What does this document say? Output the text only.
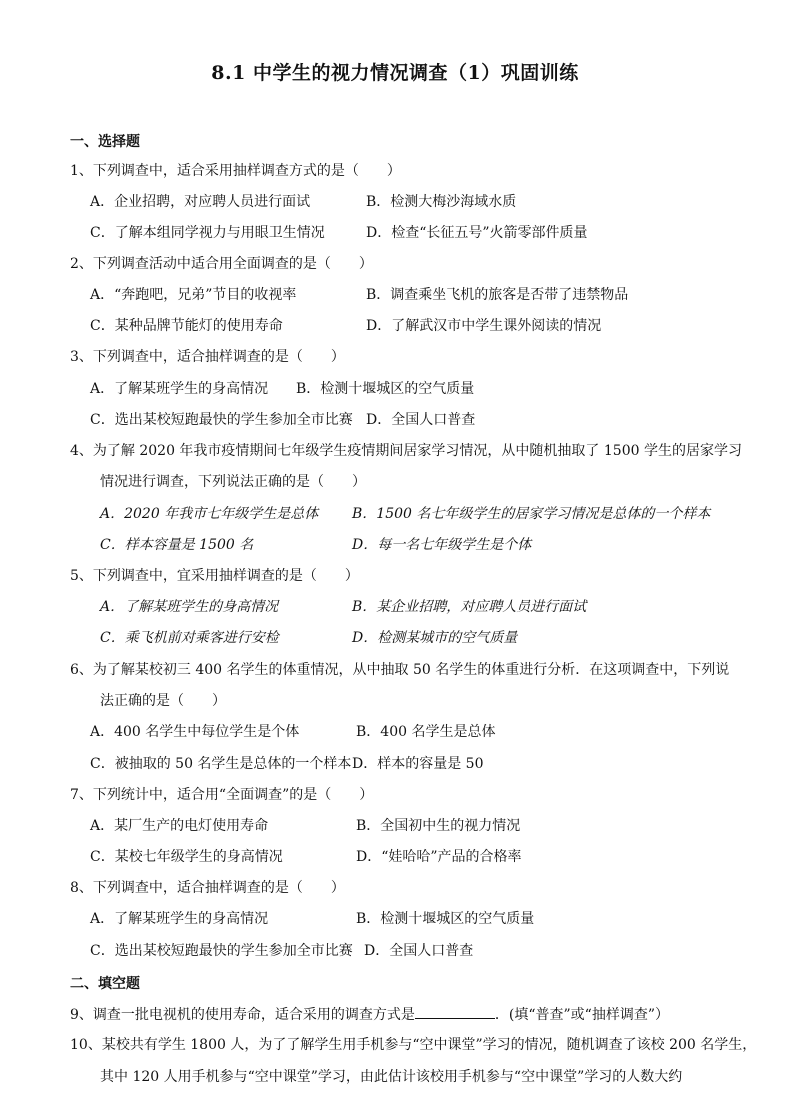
8.1 中学生的视力情况调查（1）巩固训练
一、选择题
1、下列调查中，适合采用抽样调查方式的是（　　）
A．企业招聘，对应聘人员进行面试	B．检测大梅沙海域水质
C．了解本组同学视力与用眼卫生情况	D．检查“长征五号”火箭零部件质量
2、下列调查活动中适合用全面调查的是（　　）
A．“奔跑吧，兄弟”节目的收视率	B．调查乘坐飞机的旅客是否带了违禁物品
C．某种品牌节能灯的使用寿命	D．了解武汉市中学生课外阅读的情况
3、下列调查中，适合抽样调查的是（　　）
A．了解某班学生的身高情况 B．检测十堰城区的空气质量
C．选出某校短跑最快的学生参加全市比赛 D．全国人口普查
4、为了解 2020 年我市疫情期间七年级学生疫情期间居家学习情况，从中随机抽取了 1500 学生的居家学习
情况进行调查，下列说法正确的是（　　）
A．2020 年我市七年级学生是总体 B．1500 名七年级学生的居家学习情况是总体的一个样本
C．样本容量是 1500 名	D．每一名七年级学生是个体
5、下列调查中，宜采用抽样调查的是（　　）
A．了解某班学生的身高情况	B．某企业招聘，对应聘人员进行面试
C．乘飞机前对乘客进行安检	D．检测某城市的空气质量
6、为了解某校初三 400 名学生的体重情况，从中抽取 50 名学生的体重进行分析．在这项调查中，下列说
法正确的是（　　）
A．400 名学生中每位学生是个体	B．400 名学生是总体
C．被抽取的 50 名学生是总体的一个样本 D．样本的容量是 50
7、下列统计中，适合用“全面调查”的是（　　）
A．某厂生产的电灯使用寿命	B．全国初中生的视力情况
C．某校七年级学生的身高情况	D．“娃哈哈”产品的合格率
8、下列调查中，适合抽样调查的是（　　）
A．了解某班学生的身高情况	B．检测十堰城区的空气质量
C．选出某校短跑最快的学生参加全市比赛 D．全国人口普查
二、填空题
9、调查一批电视机的使用寿命，适合采用的调查方式是	．(填“普查”或“抽样调查”）
10、某校共有学生 1800 人，为了了解学生用手机参与“空中课堂”学习的情况，随机调查了该校 200 名学生，
其中 120 人用手机参与“空中课堂”学习，由此估计该校用手机参与“空中课堂”学习的人数大约
